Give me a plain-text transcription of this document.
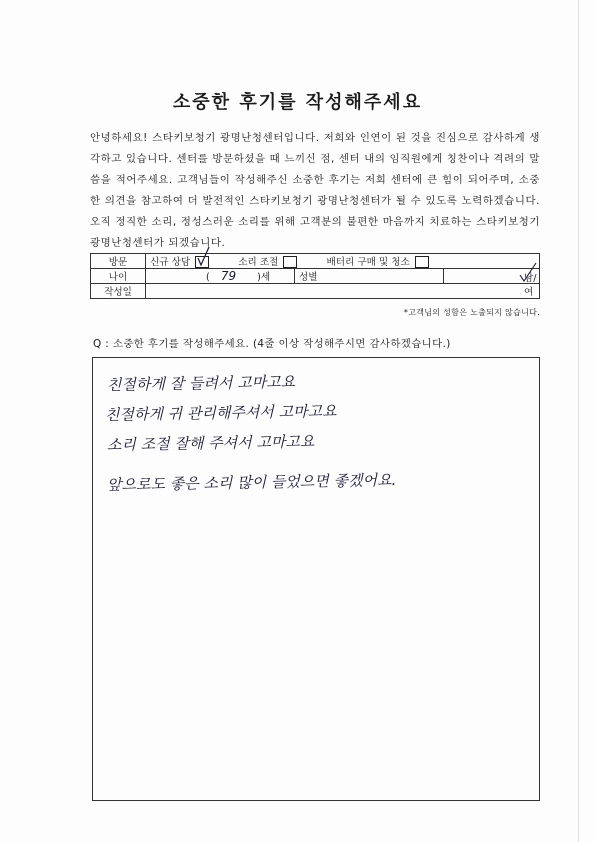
소중한 후기를 작성해주세요
안녕하세요! 스타키보청기 광명난청센터입니다. 저희와 인연이 된 것을 진심으로 감사하게 생각하고 있습니다. 센터를 방문하셨을 때 느끼신 점, 센터 내의 임직원에게 칭찬이나 격려의 말씀을 적어주세요. 고객님들이 작성해주신 소중한 후기는 저희 센터에 큰 힘이 되어주며, 소중한 의견을 참고하여 더 발전적인 스타키보청기 광명난청센터가 될 수 있도록 노력하겠습니다. 오직 정직한 소리, 정성스러운 소리를 위해 고객분의 불편한 마음까지 치료하는 스타키보청기 광명난청센터가 되겠습니다.
방문	신규 상담 소리 조절 배터리 구매 및 청소		
나이	( 79 )세	성별	남/여

작성일			
*고객님의 성함은 노출되지 않습니다.
Q : 소중한 후기를 작성해주세요. (4줄 이상 작성해주시면 감사하겠습니다.)
친절하게 잘 들려서 고마고요
친절하게 귀 관리해주셔서 고마고요
소리 조절 잘해 주셔서 고마고요
앞으로도 좋은 소리 많이 들었으면 좋겠어요.
